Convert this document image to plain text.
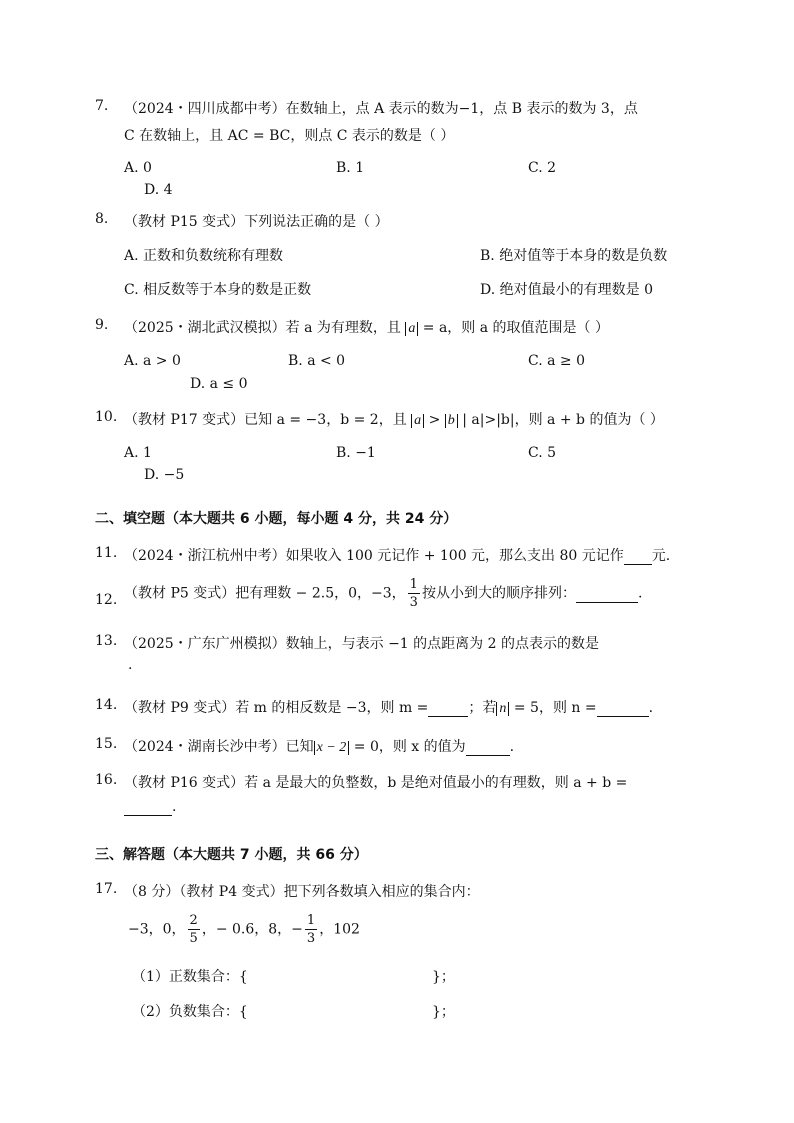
7. （2024・四川成都中考）在数轴上，点 A 表示的数为−1，点 B 表示的数为 3，点
C 在数轴上，且 AC = BC，则点 C 表示的数是（ ）
A. 0	B. 1	C. 2
D. 4
8. （教材 P15 变式）下列说法正确的是（ ）
A. 正数和负数统称有理数	B. 绝对值等于本身的数是负数
C. 相反数等于本身的数是正数	D. 绝对值最小的有理数是 0
9. （2025・湖北武汉模拟）若 a 为有理数，且 a = a，则 a 的取值范围是（ ）
A. a > 0	B. a < 0	C. a ≥ 0
D. a ≤ 0
10. （教材 P17 变式）已知 a = −3，b = 2，且 a > b | a|>|b|，则 a + b 的值为（ ）
A. 1	B. −1	C. 5
D. −5
二、填空题（本大题共 6 小题，每小题 4 分，共 24 分）
11. （2024・浙江杭州中考）如果收入 100 元记作 + 100 元，那么支出 80 元记作 元.
12. （教材 P5 变式）把有理数 − 2.5，0，−3， $\frac{1}{3}$ 按从小到大的顺序排列：	.
13. （2025・广东广州模拟）数轴上，与表示 −1 的点距离为 2 的点表示的数是
.
14. （教材 P9 变式）若 m 的相反数是 −3，则 m =	；若 n = 5，则 n =	.
15. （2024・湖南长沙中考）已知 x − 2 = 0，则 x 的值为	.
16. （教材 P16 变式）若 a 是最大的负整数，b 是绝对值最小的有理数，则 a + b =
.
三、解答题（本大题共 7 小题，共 66 分）
17. （8 分）（教材 P4 变式）把下列各数填入相应的集合内：
−3，0， $\frac{2}{5}$ ，− 0.6，8，− $\frac{1}{3}$ ，102
（1）正数集合：{	}；
（2）负数集合：{	}；
